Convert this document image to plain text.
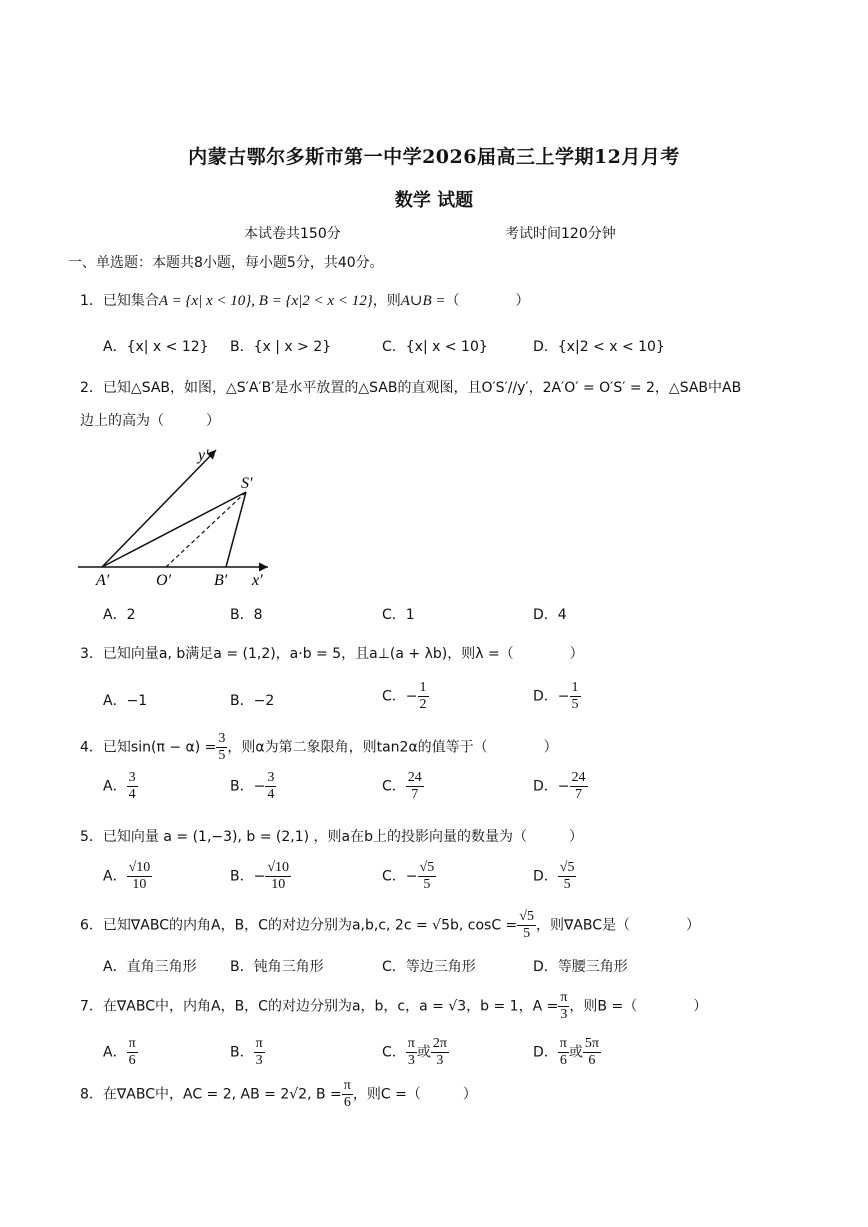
内蒙古鄂尔多斯市第一中学2026届高三上学期12月月考
数学 试题
本试卷共150分	考试时间120分钟
一、单选题：本题共8小题，每小题5分，共40分。
1．已知集合A = {x| x < 10}, B = {x|2 < x < 12}，则A∪B =（　　　　）
A．{x| x < 12} B．{x | x > 2}	C．{x| x < 10}	D．{x|2 < x < 10}
2．已知△SAB，如图，△S′A′B′是水平放置的△SAB的直观图，且O′S′//y′，2A′O′ = O′S′ = 2，△SAB中AB
边上的高为（　　　）
y′
S′
A′	O′	B′ x′
A．2	B．8	C．1	D．4
3．已知向量a, b满足a = (1,2)，a·b = 5，且a⊥(a + λb)，则λ =（　　　　）
A．−1	B．−2	C．− $\frac{1}{2}$	D．− $\frac{1}{5}$
4．已知$\sin(\pi - \alpha) = \frac{3}{5}$ ，则α为第二象限角，则tan2α的值等于（　　　　）
A． $\frac{3}{4}$	B．− $\frac{3}{4}$	C． $\frac{24}{7}$	D．− $\frac{24}{7}$
5．已知向量 a = (1,−3), b = (2,1) ，则a在b上的投影向量的数量为（　　　）
A． $\frac{√10}{10}$	B．− $\frac{√10}{10}$	C．− $\frac{√5}{5}$	D． $\frac{√5}{5}$
6．已知∇ABC的内角A，B，C的对边分别为a,b,c, 2c = √5b, $\cos C = \frac{√5}{5}$ ，则∇ABC是（　　　　）
A．直角三角形 B．钝角三角形	C．等边三角形	D．等腰三角形
7．在∇ABC中，内角A，B，C的对边分别为a，b，c，a = √3，b = 1，$A = \frac{\pi}{3}$ ，则B =（　　　　）
A． $\frac{\pi}{6}$	B． $\frac{\pi}{3}$	C． $\frac{\pi}{3}$ 或 $\frac{2\pi}{3}$	D． $\frac{\pi}{6}$ 或 $\frac{5\pi}{6}$
8．在∇ABC中，AC = 2, AB = 2√2, $B = \frac{\pi}{6}$ ，则C =（　　　）
